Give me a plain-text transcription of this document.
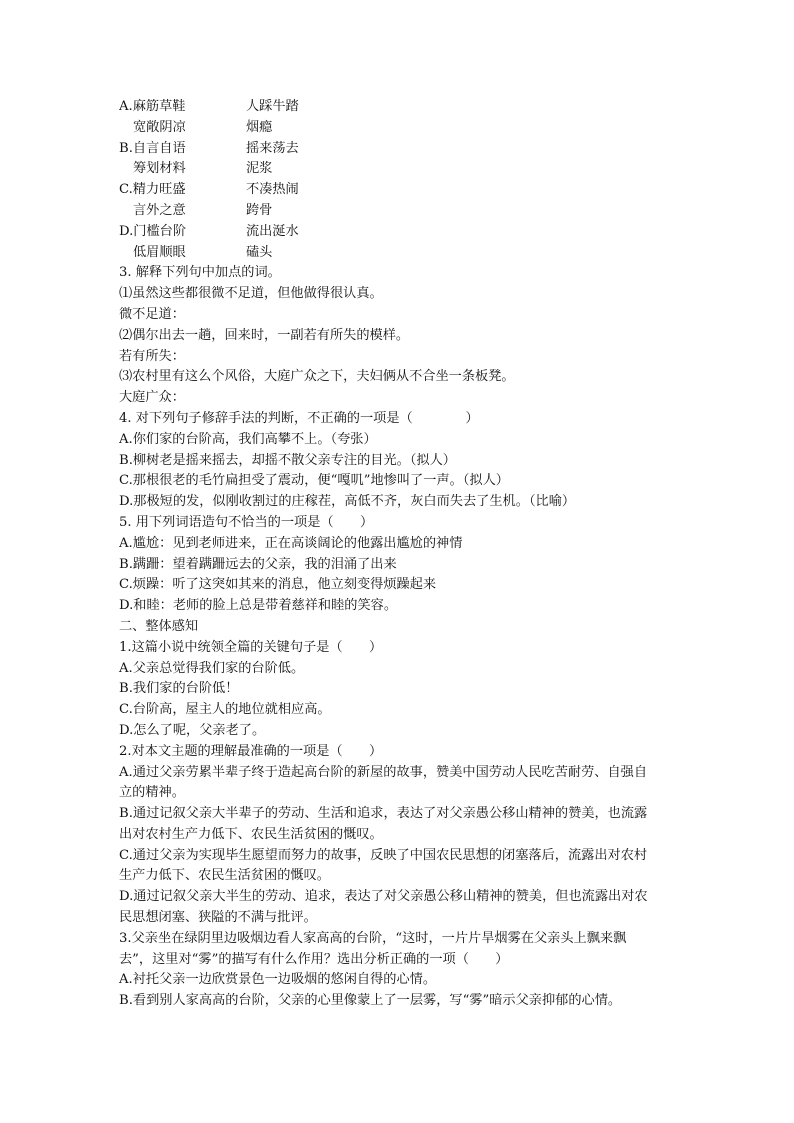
A.麻筋草鞋	人踩牛踏
宽敞阴凉	烟瘾
B.自言自语	摇来荡去
筹划材料	泥浆
C.精力旺盛	不凑热闹
言外之意	跨骨
D.门槛台阶	流出涎水
低眉顺眼	磕头
3. 解释下列句中加点的词。
⑴虽然这些都很微不足道，但他做得很认真。
微不足道：
⑵偶尔出去一趟，回来时，一副若有所失的模样。
若有所失：
⑶农村里有这么个风俗，大庭广众之下，夫妇俩从不合坐一条板凳。
大庭广众：
4. 对下列句子修辞手法的判断，不正确的一项是（　　　　）
A.你们家的台阶高，我们高攀不上。（夸张）
B.柳树老是摇来摇去，却摇不散父亲专注的目光。（拟人）
C.那根很老的毛竹扁担受了震动，便“嘎叽”地惨叫了一声。（拟人）
D.那极短的发，似刚收割过的庄稼茬，高低不齐，灰白而失去了生机。（比喻）
5. 用下列词语造句不恰当的一项是（　　）
A.尴尬：见到老师进来，正在高谈阔论的他露出尴尬的神情
B.蹒跚：望着蹒跚远去的父亲，我的泪涌了出来
C.烦躁：听了这突如其来的消息，他立刻变得烦躁起来
D.和睦：老师的脸上总是带着慈祥和睦的笑容。
二、整体感知
1.这篇小说中统领全篇的关键句子是（　　）
A.父亲总觉得我们家的台阶低。
B.我们家的台阶低！
C.台阶高，屋主人的地位就相应高。
D.怎么了呢，父亲老了。
2.对本文主题的理解最准确的一项是（　　）
A.通过父亲劳累半辈子终于造起高台阶的新屋的故事，赞美中国劳动人民吃苦耐劳、自强自
立的精神。
B.通过记叙父亲大半辈子的劳动、生活和追求，表达了对父亲愚公移山精神的赞美，也流露
出对农村生产力低下、农民生活贫困的慨叹。
C.通过父亲为实现毕生愿望而努力的故事，反映了中国农民思想的闭塞落后，流露出对农村
生产力低下、农民生活贫困的慨叹。
D.通过记叙父亲大半生的劳动、追求，表达了对父亲愚公移山精神的赞美，但也流露出对农
民思想闭塞、狭隘的不满与批评。
3.父亲坐在绿阴里边吸烟边看人家高高的台阶，“这时，一片片旱烟雾在父亲头上飘来飘
去”，这里对“雾”的描写有什么作用？选出分析正确的一项（　　）
A.衬托父亲一边欣赏景色一边吸烟的悠闲自得的心情。
B.看到别人家高高的台阶，父亲的心里像蒙上了一层雾，写“雾”暗示父亲抑郁的心情。
